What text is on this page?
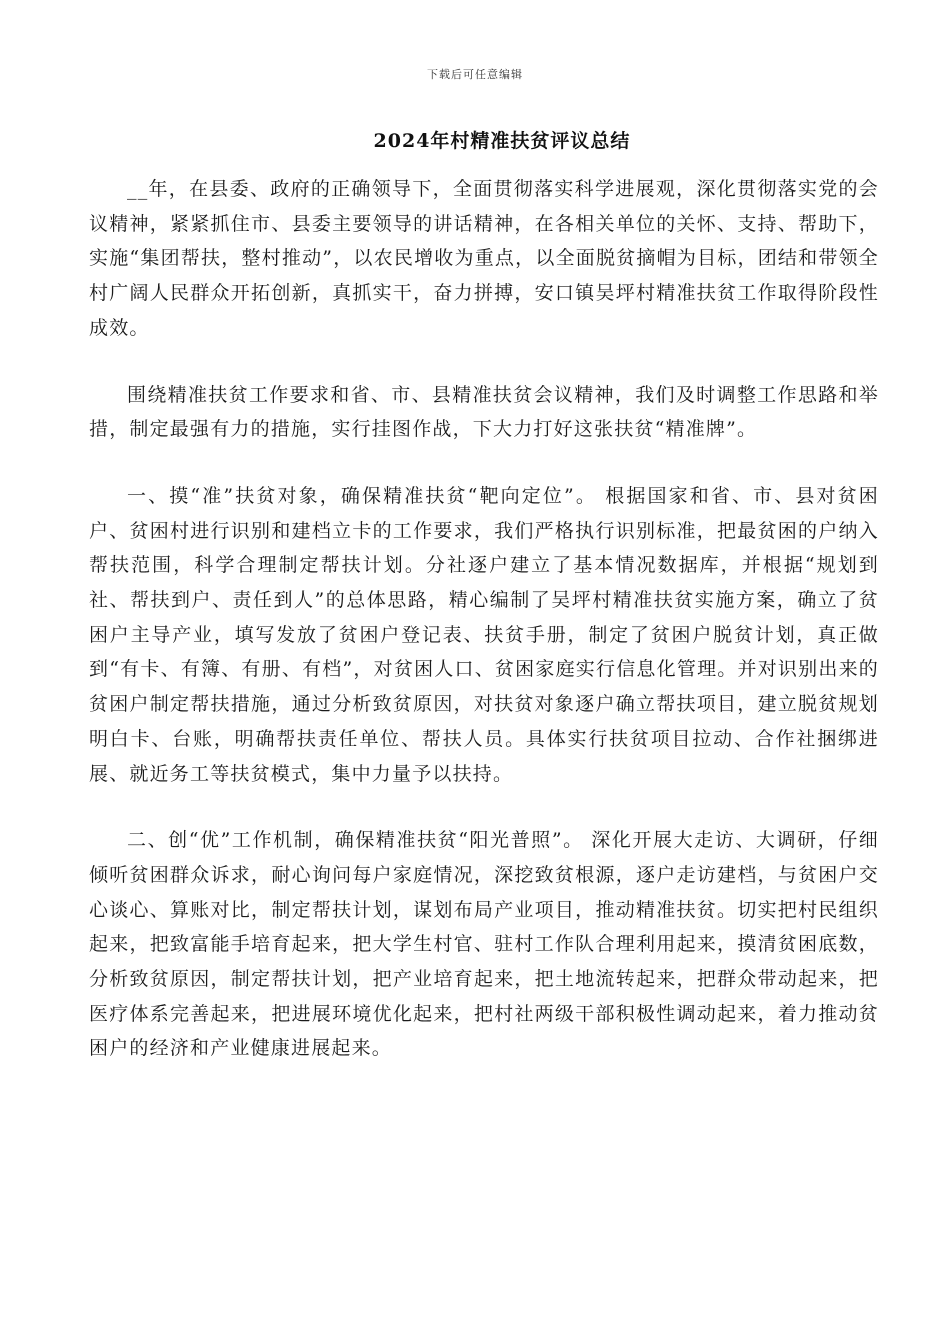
下载后可任意编辑
2024年村精准扶贫评议总结

__年，在县委、政府的正确领导下，全面贯彻落实科学进展观，深化贯彻落实党的会议精神，紧紧抓住市、县委主要领导的讲话精神，在各相关单位的关怀、支持、帮助下，实施“集团帮扶，整村推动”，以农民增收为重点，以全面脱贫摘帽为目标，团结和带领全村广阔人民群众开拓创新，真抓实干，奋力拼搏，安口镇吴坪村精准扶贫工作取得阶段性成效。

围绕精准扶贫工作要求和省、市、县精准扶贫会议精神，我们及时调整工作思路和举措，制定最强有力的措施，实行挂图作战，下大力打好这张扶贫“精准牌”。

一、摸“准”扶贫对象，确保精准扶贫“靶向定位”。 根据国家和省、市、县对贫困户、贫困村进行识别和建档立卡的工作要求，我们严格执行识别标准，把最贫困的户纳入帮扶范围，科学合理制定帮扶计划。分社逐户建立了基本情况数据库，并根据“规划到社、帮扶到户、责任到人”的总体思路，精心编制了吴坪村精准扶贫实施方案，确立了贫困户主导产业，填写发放了贫困户登记表、扶贫手册，制定了贫困户脱贫计划，真正做到“有卡、有簿、有册、有档”，对贫困人口、贫困家庭实行信息化管理。并对识别出来的贫困户制定帮扶措施，通过分析致贫原因，对扶贫对象逐户确立帮扶项目，建立脱贫规划明白卡、台账，明确帮扶责任单位、帮扶人员。具体实行扶贫项目拉动、合作社捆绑进展、就近务工等扶贫模式，集中力量予以扶持。

二、创“优”工作机制，确保精准扶贫“阳光普照”。 深化开展大走访、大调研，仔细倾听贫困群众诉求，耐心询问每户家庭情况，深挖致贫根源，逐户走访建档，与贫困户交心谈心、算账对比，制定帮扶计划，谋划布局产业项目，推动精准扶贫。切实把村民组织起来，把致富能手培育起来，把大学生村官、驻村工作队合理利用起来，摸清贫困底数，分析致贫原因，制定帮扶计划，把产业培育起来，把土地流转起来，把群众带动起来，把医疗体系完善起来，把进展环境优化起来，把村社两级干部积极性调动起来，着力推动贫困户的经济和产业健康进展起来。
